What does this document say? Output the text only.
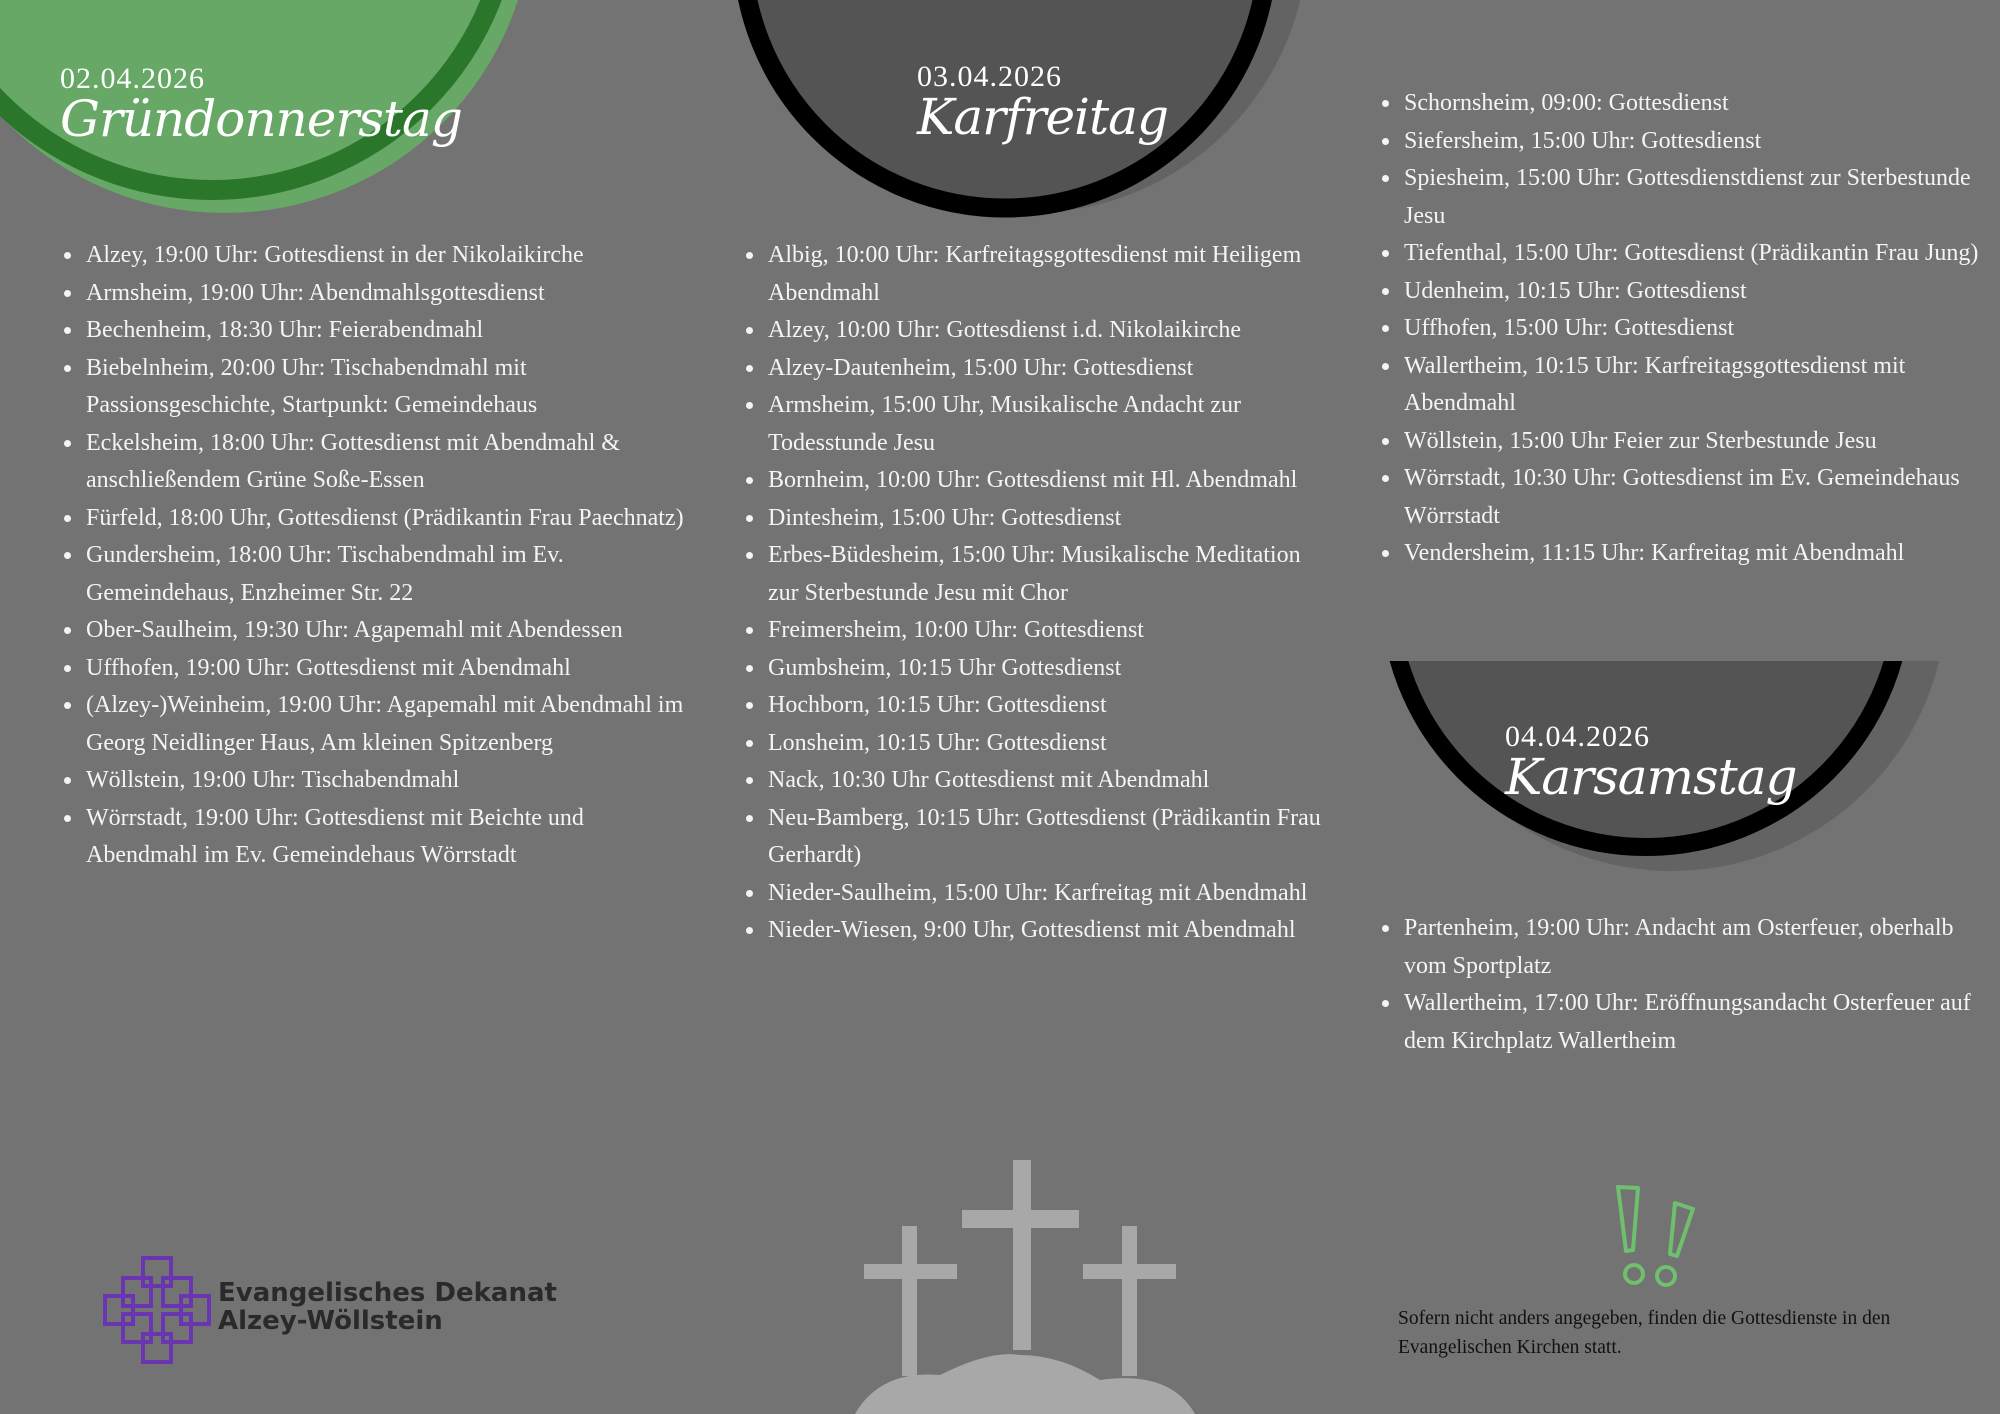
02.04.2026
Gründonnerstag
03.04.2026
Karfreitag
04.04.2026
Karsamstag
• Alzey, 19:00 Uhr: Gottesdienst in der Nikolaikirche
• Armsheim, 19:00 Uhr: Abendmahlsgottesdienst
• Bechenheim, 18:30 Uhr: Feierabendmahl
• Biebelnheim, 20:00 Uhr: Tischabendmahl mit Passionsgeschichte, Startpunkt: Gemeindehaus
• Eckelsheim, 18:00 Uhr: Gottesdienst mit Abendmahl & anschließendem Grüne Soße-Essen
• Fürfeld, 18:00 Uhr, Gottesdienst (Prädikantin Frau Paechnatz)
• Gundersheim, 18:00 Uhr: Tischabendmahl im Ev. Gemeindehaus, Enzheimer Str. 22
• Ober-Saulheim, 19:30 Uhr: Agapemahl mit Abendessen
• Uffhofen, 19:00 Uhr: Gottesdienst mit Abendmahl
• (Alzey-)Weinheim, 19:00 Uhr: Agapemahl mit Abendmahl im Georg Neidlinger Haus, Am kleinen Spitzenberg
• Wöllstein, 19:00 Uhr: Tischabendmahl
• Wörrstadt, 19:00 Uhr: Gottesdienst mit Beichte und Abendmahl im Ev. Gemeindehaus Wörrstadt
• Albig, 10:00 Uhr: Karfreitagsgottesdienst mit Heiligem Abendmahl
• Alzey, 10:00 Uhr: Gottesdienst i.d. Nikolaikirche
• Alzey-Dautenheim, 15:00 Uhr: Gottesdienst
• Armsheim, 15:00 Uhr, Musikalische Andacht zur Todesstunde Jesu
• Bornheim, 10:00 Uhr: Gottesdienst mit Hl. Abendmahl
• Dintesheim, 15:00 Uhr: Gottesdienst
• Erbes-Büdesheim, 15:00 Uhr: Musikalische Meditation zur Sterbestunde Jesu mit Chor
• Freimersheim, 10:00 Uhr: Gottesdienst
• Gumbsheim, 10:15 Uhr Gottesdienst
• Hochborn, 10:15 Uhr: Gottesdienst
• Lonsheim, 10:15 Uhr: Gottesdienst
• Nack, 10:30 Uhr Gottesdienst mit Abendmahl
• Neu-Bamberg, 10:15 Uhr: Gottesdienst (Prädikantin Frau Gerhardt)
• Nieder-Saulheim, 15:00 Uhr: Karfreitag mit Abendmahl
• Nieder-Wiesen, 9:00 Uhr, Gottesdienst mit Abendmahl
• Schornsheim, 09:00: Gottesdienst
• Siefersheim, 15:00 Uhr: Gottesdienst
• Spiesheim, 15:00 Uhr: Gottesdienstdienst zur Sterbestunde Jesu
• Tiefenthal, 15:00 Uhr: Gottesdienst (Prädikantin Frau Jung)
• Udenheim, 10:15 Uhr: Gottesdienst
• Uffhofen, 15:00 Uhr: Gottesdienst
• Wallertheim, 10:15 Uhr: Karfreitagsgottesdienst mit Abendmahl
• Wöllstein, 15:00 Uhr Feier zur Sterbestunde Jesu
• Wörrstadt, 10:30 Uhr: Gottesdienst im Ev. Gemeindehaus Wörrstadt
• Vendersheim, 11:15 Uhr: Karfreitag mit Abendmahl
• Partenheim, 19:00 Uhr: Andacht am Osterfeuer, oberhalb vom Sportplatz
• Wallertheim, 17:00 Uhr: Eröffnungsandacht Osterfeuer auf dem Kirchplatz Wallertheim
Evangelisches Dekanat
Alzey-Wöllstein	Sofern nicht anders angegeben, finden die Gottesdienste in den Evangelischen Kirchen statt.
